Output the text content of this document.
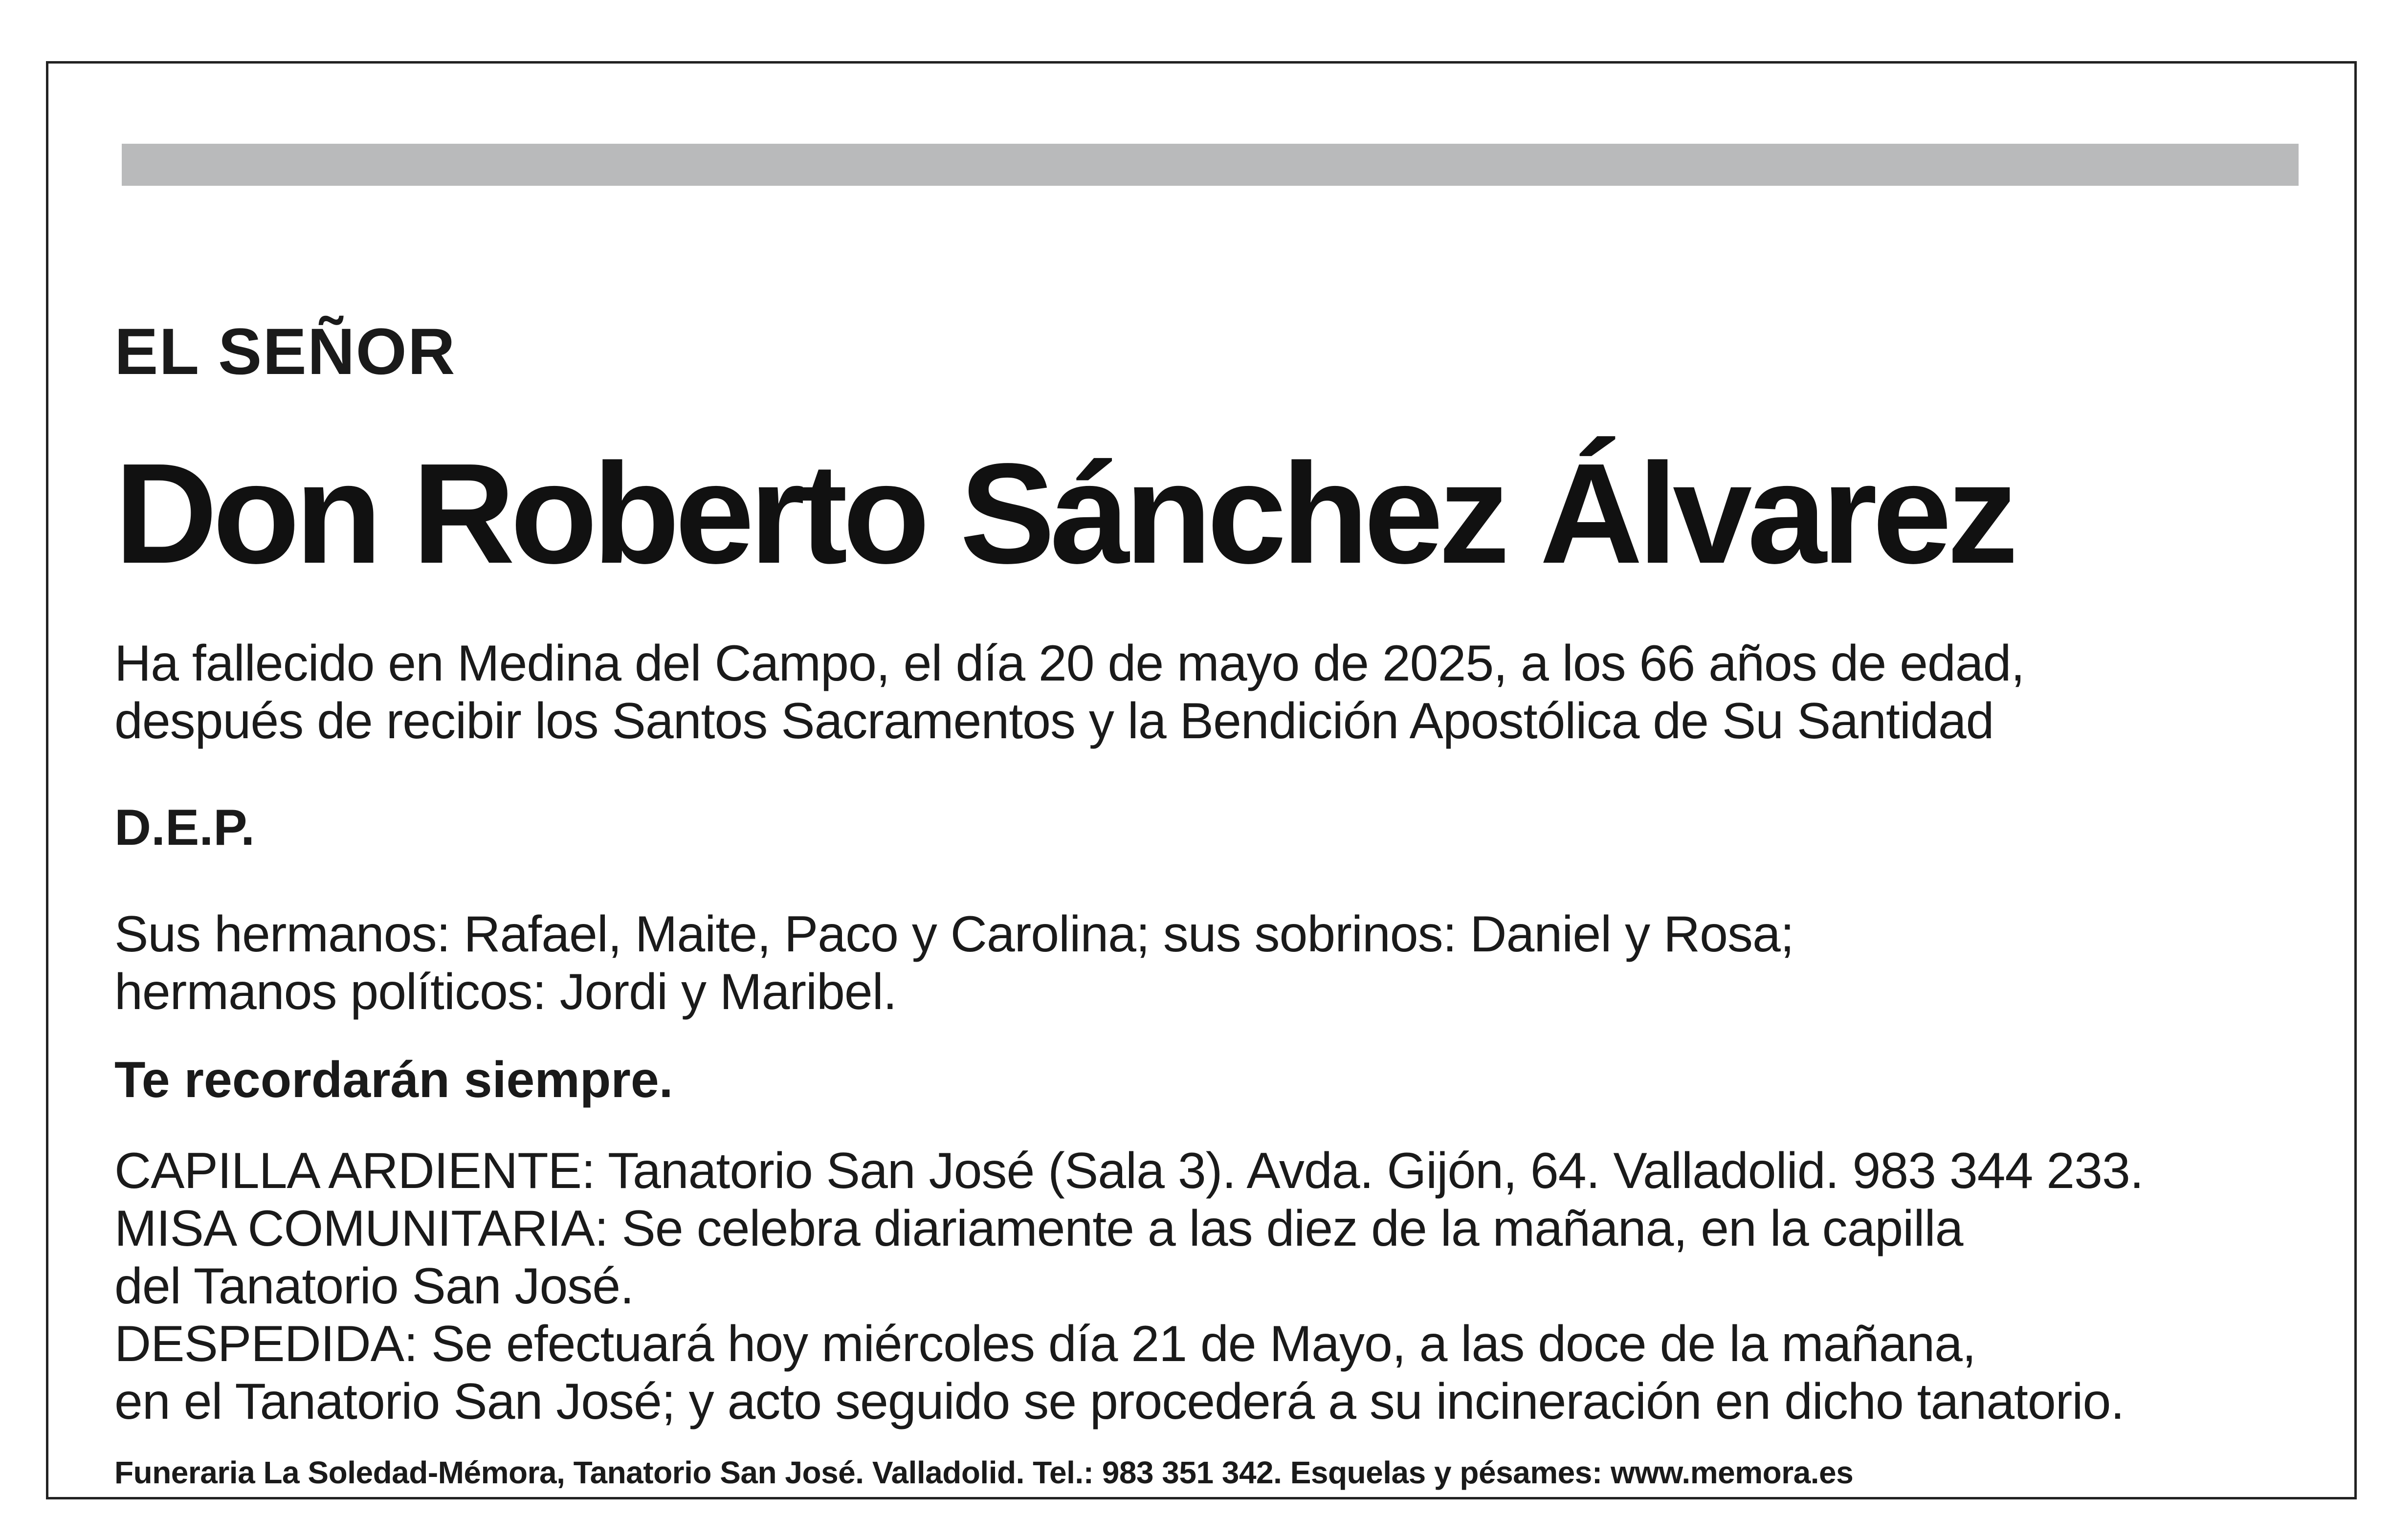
EL SEÑOR

Don Roberto Sánchez Álvarez

Ha fallecido en Medina del Campo, el día 20 de mayo de 2025, a los 66 años de edad,
después de recibir los Santos Sacramentos y la Bendición Apostólica de Su Santidad

D.E.P.

Sus hermanos: Rafael, Maite, Paco y Carolina; sus sobrinos: Daniel y Rosa;
hermanos políticos: Jordi y Maribel.

Te recordarán siempre.

CAPILLA ARDIENTE: Tanatorio San José (Sala 3). Avda. Gijón, 64. Valladolid. 983 344 233.
MISA COMUNITARIA: Se celebra diariamente a las diez de la mañana, en la capilla
del Tanatorio San José.
DESPEDIDA: Se efectuará hoy miércoles día 21 de Mayo, a las doce de la mañana,
en el Tanatorio San José; y acto seguido se procederá a su incineración en dicho tanatorio.

Funeraria La Soledad-Mémora, Tanatorio San José. Valladolid. Tel.: 983 351 342. Esquelas y pésames: www.memora.es
